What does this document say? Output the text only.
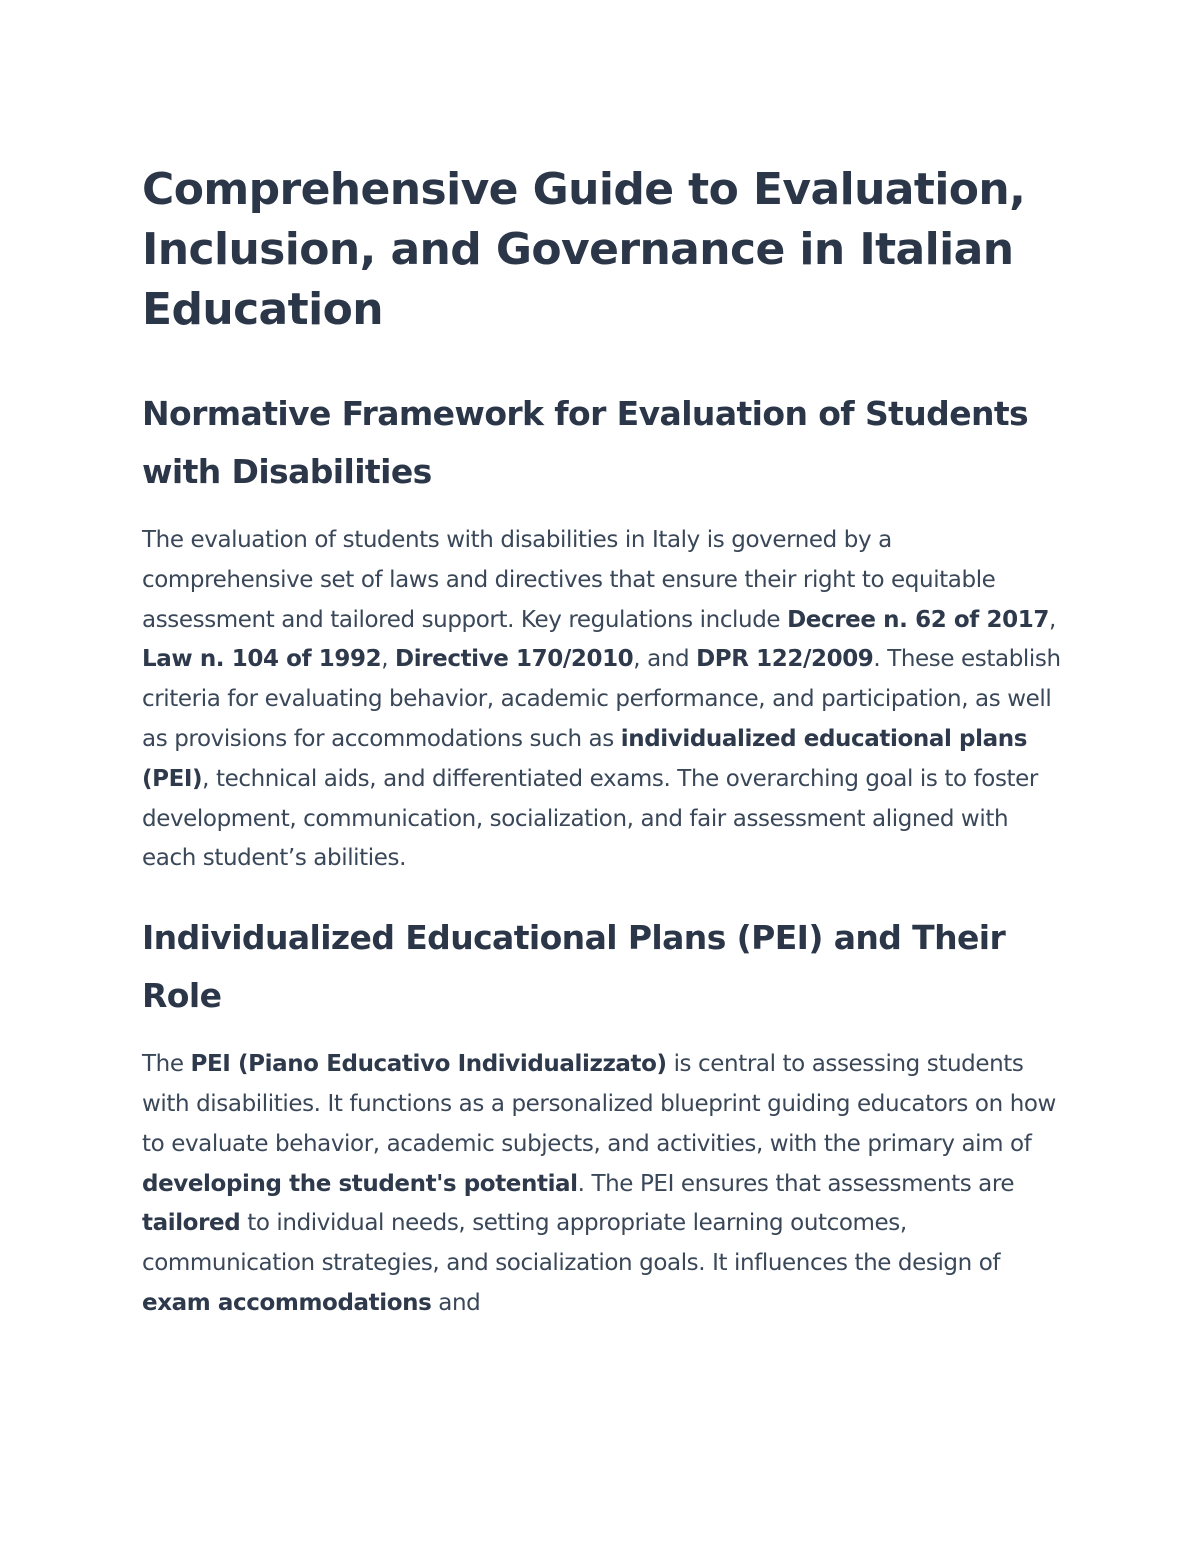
Comprehensive Guide to Evaluation, Inclusion, and Governance in Italian Education
Normative Framework for Evaluation of Students with Disabilities

The evaluation of students with disabilities in Italy is governed by a comprehensive set of laws and directives that ensure their right to equitable assessment and tailored support. Key regulations include Decree n. 62 of 2017, Law n. 104 of 1992, Directive 170/2010, and DPR 122/2009. These establish criteria for evaluating behavior, academic performance, and participation, as well as provisions for accommodations such as individualized educational plans (PEI), technical aids, and differentiated exams. The overarching goal is to foster development, communication, socialization, and fair assessment aligned with each student’s abilities.

Individualized Educational Plans (PEI) and Their Role

The PEI (Piano Educativo Individualizzato) is central to assessing students with disabilities. It functions as a personalized blueprint guiding educators on how to evaluate behavior, academic subjects, and activities, with the primary aim of developing the student's potential. The PEI ensures that assessments are tailored to individual needs, setting appropriate learning outcomes, communication strategies, and socialization goals. It influences the design of exam accommodations and
